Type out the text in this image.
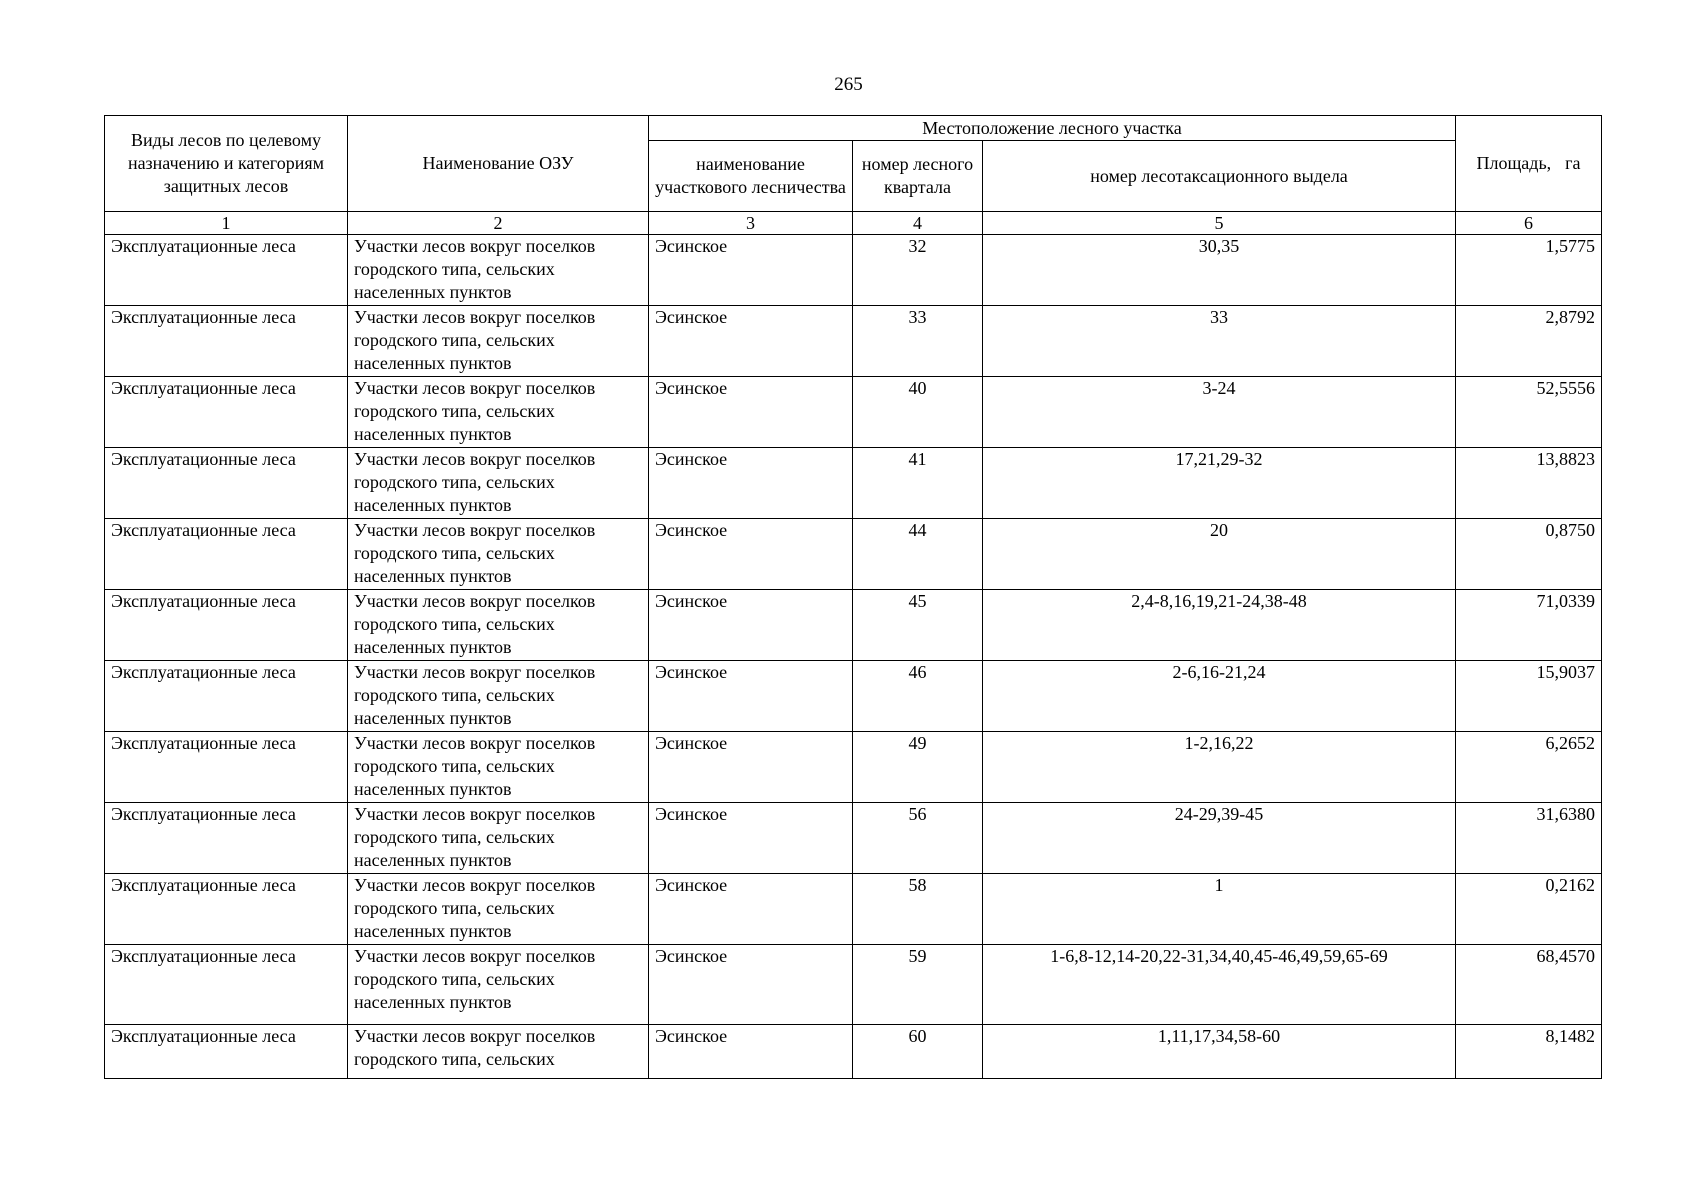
265
Виды лесов по целевому назначению и категориям защитных лесов	Наименование ОЗУ	Местоположение лесного участка			Площадь, га
		наименование участкового лесничества	номер лесного квартала	номер лесотаксационного выдела	
1	2	3	4	5	6
Эксплуатационные леса	Участки лесов вокруг поселков городского типа, сельских населенных пунктов	Эсинское	32	30,35	1,5775
Эксплуатационные леса	Участки лесов вокруг поселков городского типа, сельских населенных пунктов	Эсинское	33	33	2,8792
Эксплуатационные леса	Участки лесов вокруг поселков городского типа, сельских населенных пунктов	Эсинское	40	3-24	52,5556
Эксплуатационные леса	Участки лесов вокруг поселков городского типа, сельских населенных пунктов	Эсинское	41	17,21,29-32	13,8823
Эксплуатационные леса	Участки лесов вокруг поселков городского типа, сельских населенных пунктов	Эсинское	44	20	0,8750
Эксплуатационные леса	Участки лесов вокруг поселков городского типа, сельских населенных пунктов	Эсинское	45	2,4-8,16,19,21-24,38-48	71,0339
Эксплуатационные леса	Участки лесов вокруг поселков городского типа, сельских населенных пунктов	Эсинское	46	2-6,16-21,24	15,9037
Эксплуатационные леса	Участки лесов вокруг поселков городского типа, сельских населенных пунктов	Эсинское	49	1-2,16,22	6,2652
Эксплуатационные леса	Участки лесов вокруг поселков городского типа, сельских населенных пунктов	Эсинское	56	24-29,39-45	31,6380
Эксплуатационные леса	Участки лесов вокруг поселков городского типа, сельских населенных пунктов	Эсинское	58	1	0,2162
Эксплуатационные леса	Участки лесов вокруг поселков городского типа, сельских населенных пунктов	Эсинское	59	1-6,8-12,14-20,22-31,34,40,45-46,49,59,65-69	68,4570
Эксплуатационные леса	Участки лесов вокруг поселков городского типа, сельских	Эсинское	60	1,11,17,34,58-60	8,1482
